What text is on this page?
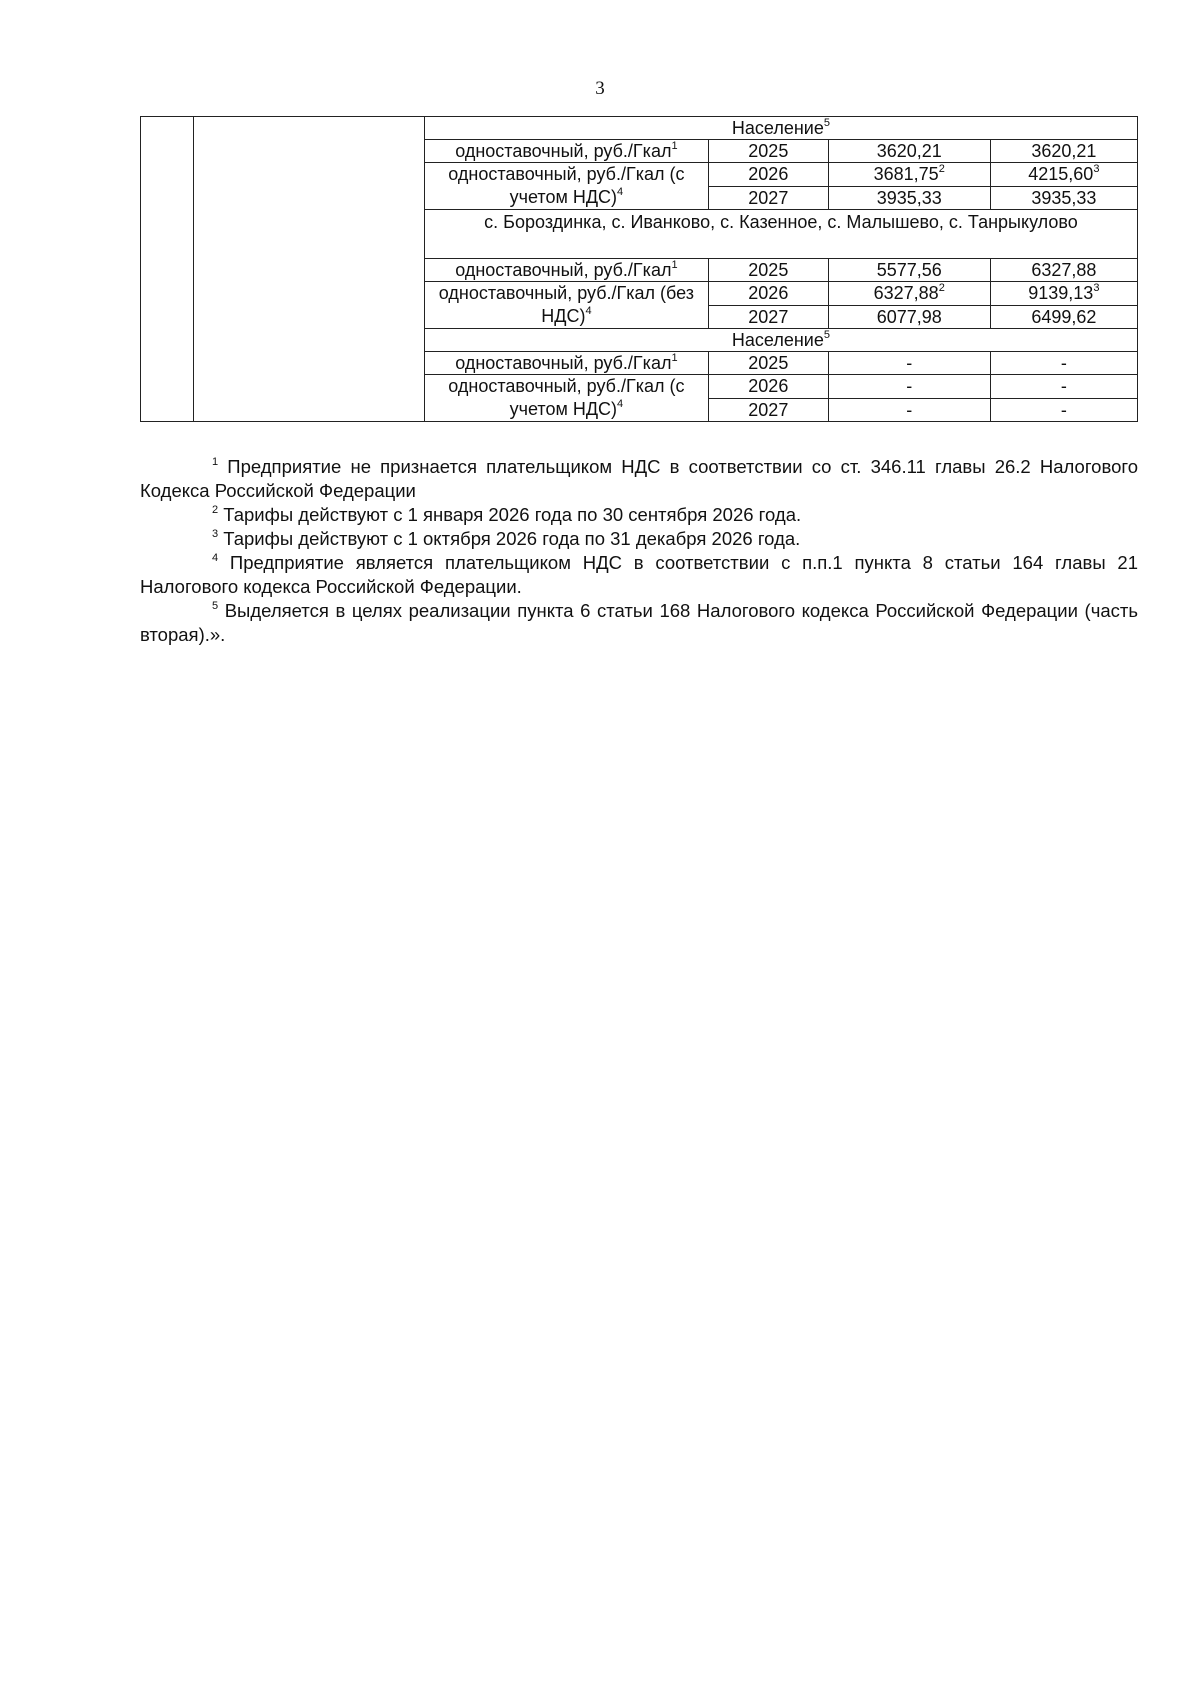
3
		Население$^5$
		одноставочный, руб./Гкал$^1$	2025	3620,21	3620,21
		одноставочный, руб./Гкал (с учетом НДС)$^4$	2026	3681,75$^2$	4215,60$^3$
			2027	3935,33	3935,33
		с. Бороздинка, с. Иванково, с. Казенное, с. Малышево, с. Танрыкулово			
		одноставочный, руб./Гкал$^1$	2025	5577,56	6327,88
		одноставочный, руб./Гкал (без НДС)$^4$	2026	6327,88$^2$	9139,13$^3$
			2027	6077,98	6499,62
		Население$^5$
		одноставочный, руб./Гкал$^1$	2025	-	-
		одноставочный, руб./Гкал (с учетом НДС)$^4$	2026	-	-
			2027	-	-

$^1$ Предприятие не признается плательщиком НДС в соответствии со ст. 346.11 главы 26.2 Налогового Кодекса Российской Федерации

$^2$ Тарифы действуют с 1 января 2026 года по 30 сентября 2026 года.

$^3$ Тарифы действуют с 1 октября 2026 года по 31 декабря 2026 года.

$^4$ Предприятие является плательщиком НДС в соответствии с п.п.1 пункта 8 статьи 164 главы 21 Налогового кодекса Российской Федерации.

$^5$ Выделяется в целях реализации пункта 6 статьи 168 Налогового кодекса Российской Федерации (часть вторая).».
